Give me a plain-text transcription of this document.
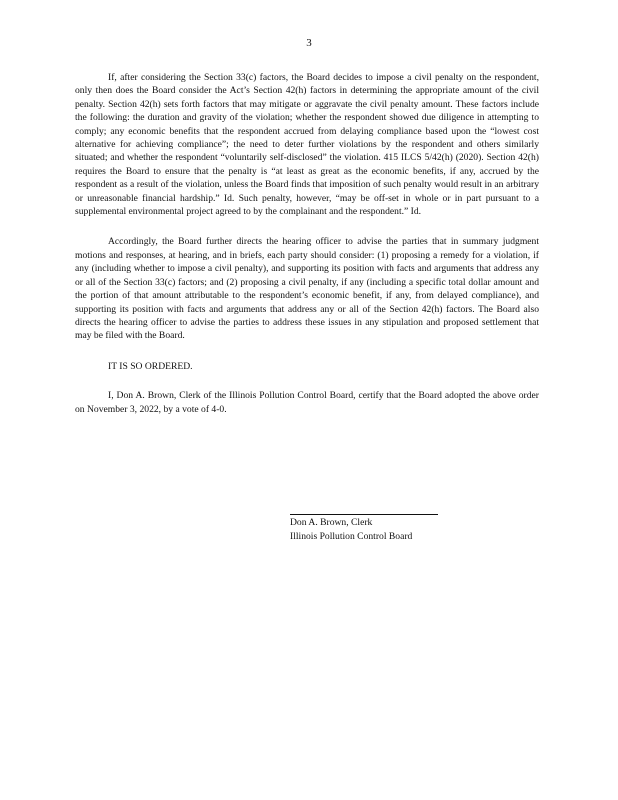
3

If, after considering the Section 33(c) factors, the Board decides to impose a civil penalty on the respondent, only then does the Board consider the Act’s Section 42(h) factors in determining the appropriate amount of the civil penalty. Section 42(h) sets forth factors that may mitigate or aggravate the civil penalty amount. These factors include the following: the duration and gravity of the violation; whether the respondent showed due diligence in attempting to comply; any economic benefits that the respondent accrued from delaying compliance based upon the “lowest cost alternative for achieving compliance”; the need to deter further violations by the respondent and others similarly situated; and whether the respondent “voluntarily self-disclosed” the violation. 415 ILCS 5/42(h) (2020). Section 42(h) requires the Board to ensure that the penalty is “at least as great as the economic benefits, if any, accrued by the respondent as a result of the violation, unless the Board finds that imposition of such penalty would result in an arbitrary or unreasonable financial hardship.” Id. Such penalty, however, “may be off-set in whole or in part pursuant to a supplemental environmental project agreed to by the complainant and the respondent.” Id.

Accordingly, the Board further directs the hearing officer to advise the parties that in summary judgment motions and responses, at hearing, and in briefs, each party should consider: (1) proposing a remedy for a violation, if any (including whether to impose a civil penalty), and supporting its position with facts and arguments that address any or all of the Section 33(c) factors; and (2) proposing a civil penalty, if any (including a specific total dollar amount and the portion of that amount attributable to the respondent’s economic benefit, if any, from delayed compliance), and supporting its position with facts and arguments that address any or all of the Section 42(h) factors. The Board also directs the hearing officer to advise the parties to address these issues in any stipulation and proposed settlement that may be filed with the Board.

IT IS SO ORDERED.

I, Don A. Brown, Clerk of the Illinois Pollution Control Board, certify that the Board adopted the above order on November 3, 2022, by a vote of 4-0.

Don A. Brown, Clerk
Illinois Pollution Control Board
